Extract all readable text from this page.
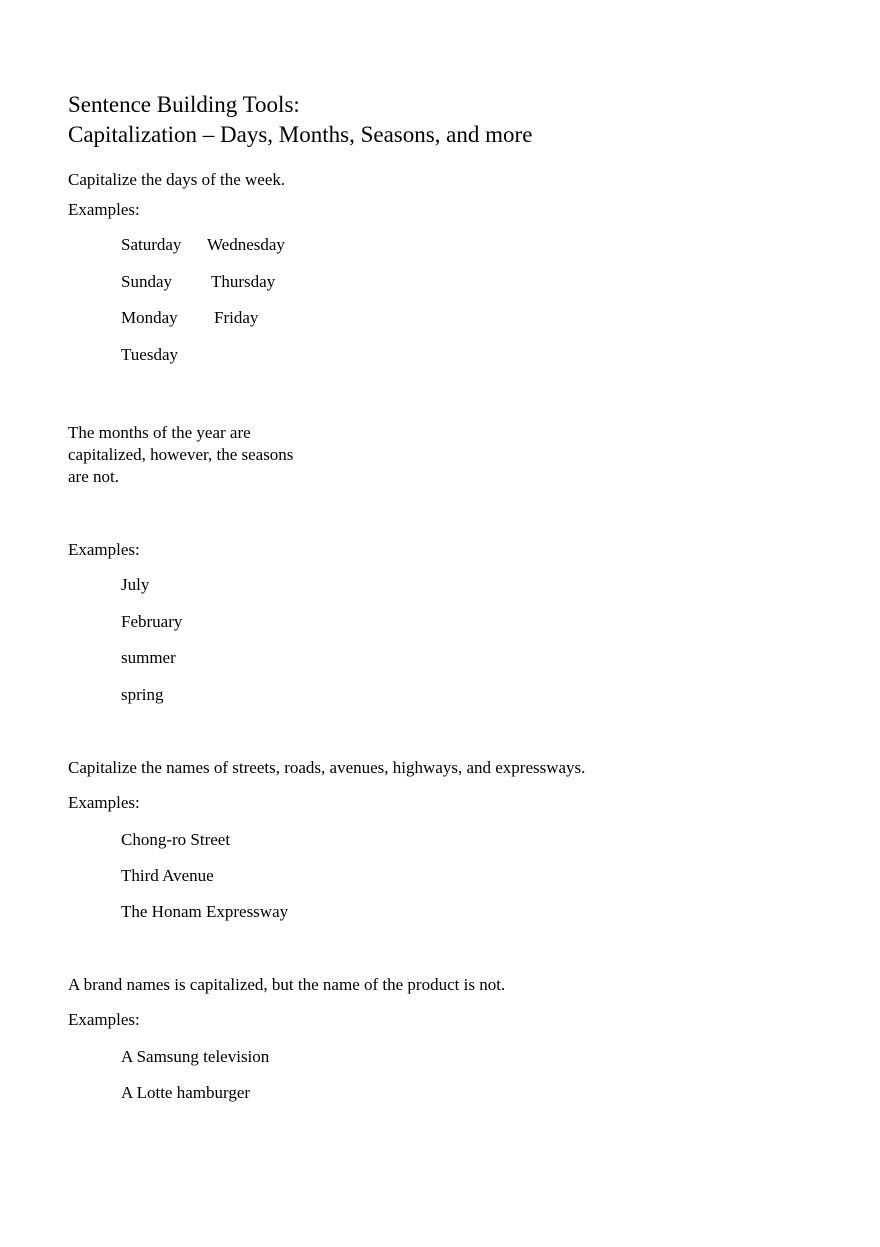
Sentence Building Tools:
Capitalization – Days, Months, Seasons, and more
Capitalize the days of the week.
Examples:
Saturday Wednesday
Sunday Thursday
Monday Friday
Tuesday
The months of the year are
capitalized, however, the seasons
are not.
Examples:
July
February
summer
spring
Capitalize the names of streets, roads, avenues, highways, and expressways.
Examples:
Chong-ro Street
Third Avenue
The Honam Expressway
A brand names is capitalized, but the name of the product is not.
Examples:
A Samsung television
A Lotte hamburger
